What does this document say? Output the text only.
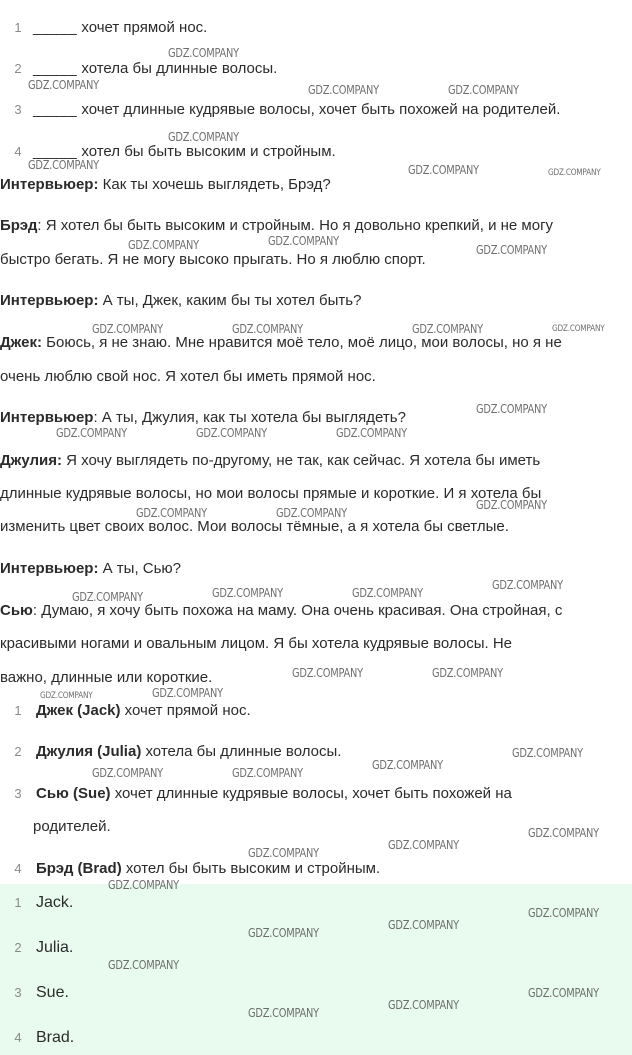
1 _____ хочет прямой нос.
2 _____ хотела бы длинные волосы.
3 _____ хочет длинные кудрявые волосы, хочет быть похожей на родителей.
4 _____ хотел бы быть высоким и стройным.
Интервьюер: Как ты хочешь выглядеть, Брэд?
Брэд: Я хотел бы быть высоким и стройным. Но я довольно крепкий, и не могу
быстро бегать. Я не могу высоко прыгать. Но я люблю спорт.
Интервьюер: А ты, Джек, каким бы ты хотел быть?
Джек: Боюсь, я не знаю. Мне нравится моё тело, моё лицо, мои волосы, но я не
очень люблю свой нос. Я хотел бы иметь прямой нос.
Интервьюер: А ты, Джулия, как ты хотела бы выглядеть?
Джулия: Я хочу выглядеть по-другому, не так, как сейчас. Я хотела бы иметь
длинные кудрявые волосы, но мои волосы прямые и короткие. И я хотела бы
изменить цвет своих волос. Мои волосы тёмные, а я хотела бы светлые.
Интервьюер: А ты, Сью?
Сью: Думаю, я хочу быть похожа на маму. Она очень красивая. Она стройная, с
красивыми ногами и овальным лицом. Я бы хотела кудрявые волосы. Не
важно, длинные или короткие.
1 Джек (Jack) хочет прямой нос.
2 Джулия (Julia) хотела бы длинные волосы.
3 Сью (Sue) хочет длинные кудрявые волосы, хочет быть похожей на
родителей.
4 Брэд (Brad) хотел бы быть высоким и стройным.
1 Jack.
2 Julia.
3 Sue.
4 Brad.
GDZ.COMPANY
GDZ.COMPANY	GDZ.COMPANY	GDZ.COMPANY
GDZ.COMPANY
GDZ.COMPANY	GDZ.COMPANY	GDZ.COMPANY
GDZ.COMPANY
GDZ.COMPANY	GDZ.COMPANY
GDZ.COMPANY	GDZ.COMPANY	GDZ.COMPANY	GDZ.COMPANY
GDZ.COMPANY
GDZ.COMPANY	GDZ.COMPANY	GDZ.COMPANY
GDZ.COMPANY
GDZ.COMPANY	GDZ.COMPANY
GDZ.COMPANY
GDZ.COMPANY	GDZ.COMPANY	GDZ.COMPANY
GDZ.COMPANY	GDZ.COMPANY
GDZ.COMPANY	GDZ.COMPANY
GDZ.COMPANY
GDZ.COMPANY
GDZ.COMPANY	GDZ.COMPANY
GDZ.COMPANY
GDZ.COMPANY
GDZ.COMPANY
GDZ.COMPANY
GDZ.COMPANY
GDZ.COMPANY
GDZ.COMPANY
GDZ.COMPANY
GDZ.COMPANY
GDZ.COMPANY
GDZ.COMPANY
